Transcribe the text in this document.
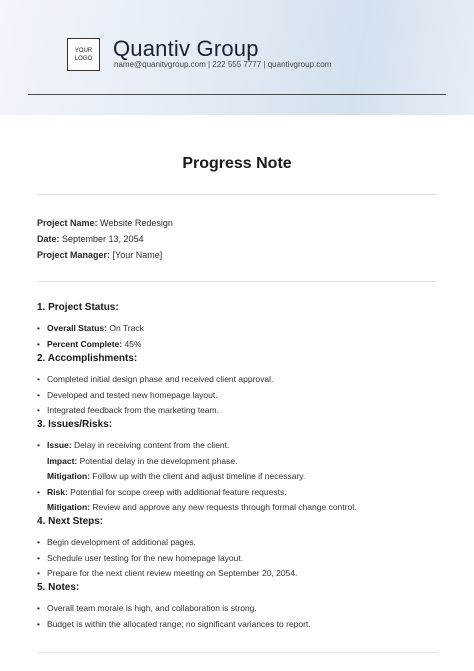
YOUR
LOGO Quantiv Group
name@quanitvgroup.com | 222 555 7777 | quantivgroup.com
Progress Note
Project Name: Website Redesign
Date: September 13, 2054
Project Manager: [Your Name]
1. Project Status:
• Overall Status: On Track
• Percent Complete: 45%
2. Accomplishments:
• Completed initial design phase and received client approval.
• Developed and tested new homepage layout.
• Integrated feedback from the marketing team.
3. Issues/Risks:
• Issue: Delay in receiving content from the client.
Impact: Potential delay in the development phase.
Mitigation: Follow up with the client and adjust timeline if necessary.
• Risk: Potential for scope creep with additional feature requests.
Mitigation: Review and approve any new requests through formal change control.
4. Next Steps:
• Begin development of additional pages.
• Schedule user testing for the new homepage layout.
• Prepare for the next client review meeting on September 20, 2054.
5. Notes:
• Overall team morale is high, and collaboration is strong.
• Budget is within the allocated range; no significant variances to report.
